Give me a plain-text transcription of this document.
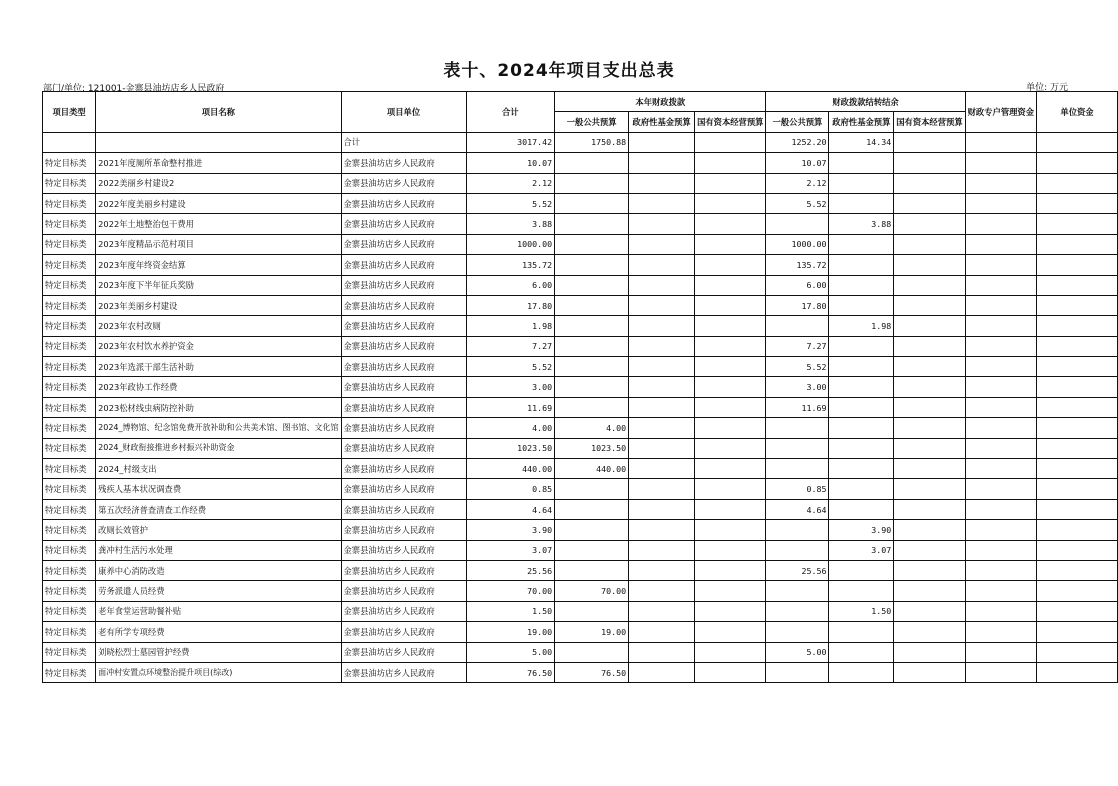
表十、2024年项目支出总表
部门/单位: 121001-金寨县油坊店乡人民政府	单位: 万元
项目类型	项目名称	项目单位	合计	本年财政拨款			财政拨款结转结余			财政专户管理资金	单位资金
				一般公共预算	政府性基金预算	国有资本经营预算	一般公共预算	政府性基金预算	国有资本经营预算		
		合计	3017.42	1750.88			1252.20	14.34			
特定目标类	2021年度厕所革命整村推进	金寨县油坊店乡人民政府	10.07				10.07				
特定目标类	2022美丽乡村建设2	金寨县油坊店乡人民政府	2.12				2.12				
特定目标类	2022年度美丽乡村建设	金寨县油坊店乡人民政府	5.52				5.52				
特定目标类	2022年土地整治包干费用	金寨县油坊店乡人民政府	3.88					3.88			
特定目标类	2023年度精品示范村项目	金寨县油坊店乡人民政府	1000.00				1000.00				
特定目标类	2023年度年终资金结算	金寨县油坊店乡人民政府	135.72				135.72				
特定目标类	2023年度下半年征兵奖励	金寨县油坊店乡人民政府	6.00				6.00				
特定目标类	2023年美丽乡村建设	金寨县油坊店乡人民政府	17.80				17.80				
特定目标类	2023年农村改厕	金寨县油坊店乡人民政府	1.98					1.98			
特定目标类	2023年农村饮水养护资金	金寨县油坊店乡人民政府	7.27				7.27				
特定目标类	2023年选派干部生活补助	金寨县油坊店乡人民政府	5.52				5.52				
特定目标类	2023年政协工作经费	金寨县油坊店乡人民政府	3.00				3.00				
特定目标类	2023松材线虫病防控补助	金寨县油坊店乡人民政府	11.69				11.69				
特定目标类	2024_博物馆、纪念馆免费开放补助和公共美术馆、图书馆、文化馆	金寨县油坊店乡人民政府	4.00	4.00							
特定目标类	2024_财政衔接推进乡村振兴补助资金	金寨县油坊店乡人民政府	1023.50	1023.50							
特定目标类	2024_村级支出	金寨县油坊店乡人民政府	440.00	440.00							
特定目标类	残疾人基本状况调查费	金寨县油坊店乡人民政府	0.85				0.85				
特定目标类	第五次经济普查清查工作经费	金寨县油坊店乡人民政府	4.64				4.64				
特定目标类	改厕长效管护	金寨县油坊店乡人民政府	3.90					3.90			
特定目标类	龚冲村生活污水处理	金寨县油坊店乡人民政府	3.07					3.07			
特定目标类	康养中心消防改造	金寨县油坊店乡人民政府	25.56				25.56				
特定目标类	劳务派遣人员经费	金寨县油坊店乡人民政府	70.00	70.00							
特定目标类	老年食堂运营助餐补贴	金寨县油坊店乡人民政府	1.50					1.50			
特定目标类	老有所学专项经费	金寨县油坊店乡人民政府	19.00	19.00							
特定目标类	刘晓松烈士墓园管护经费	金寨县油坊店乡人民政府	5.00				5.00				
特定目标类	面冲村安置点环境整治提升项目(综改)	金寨县油坊店乡人民政府	76.50	76.50							
